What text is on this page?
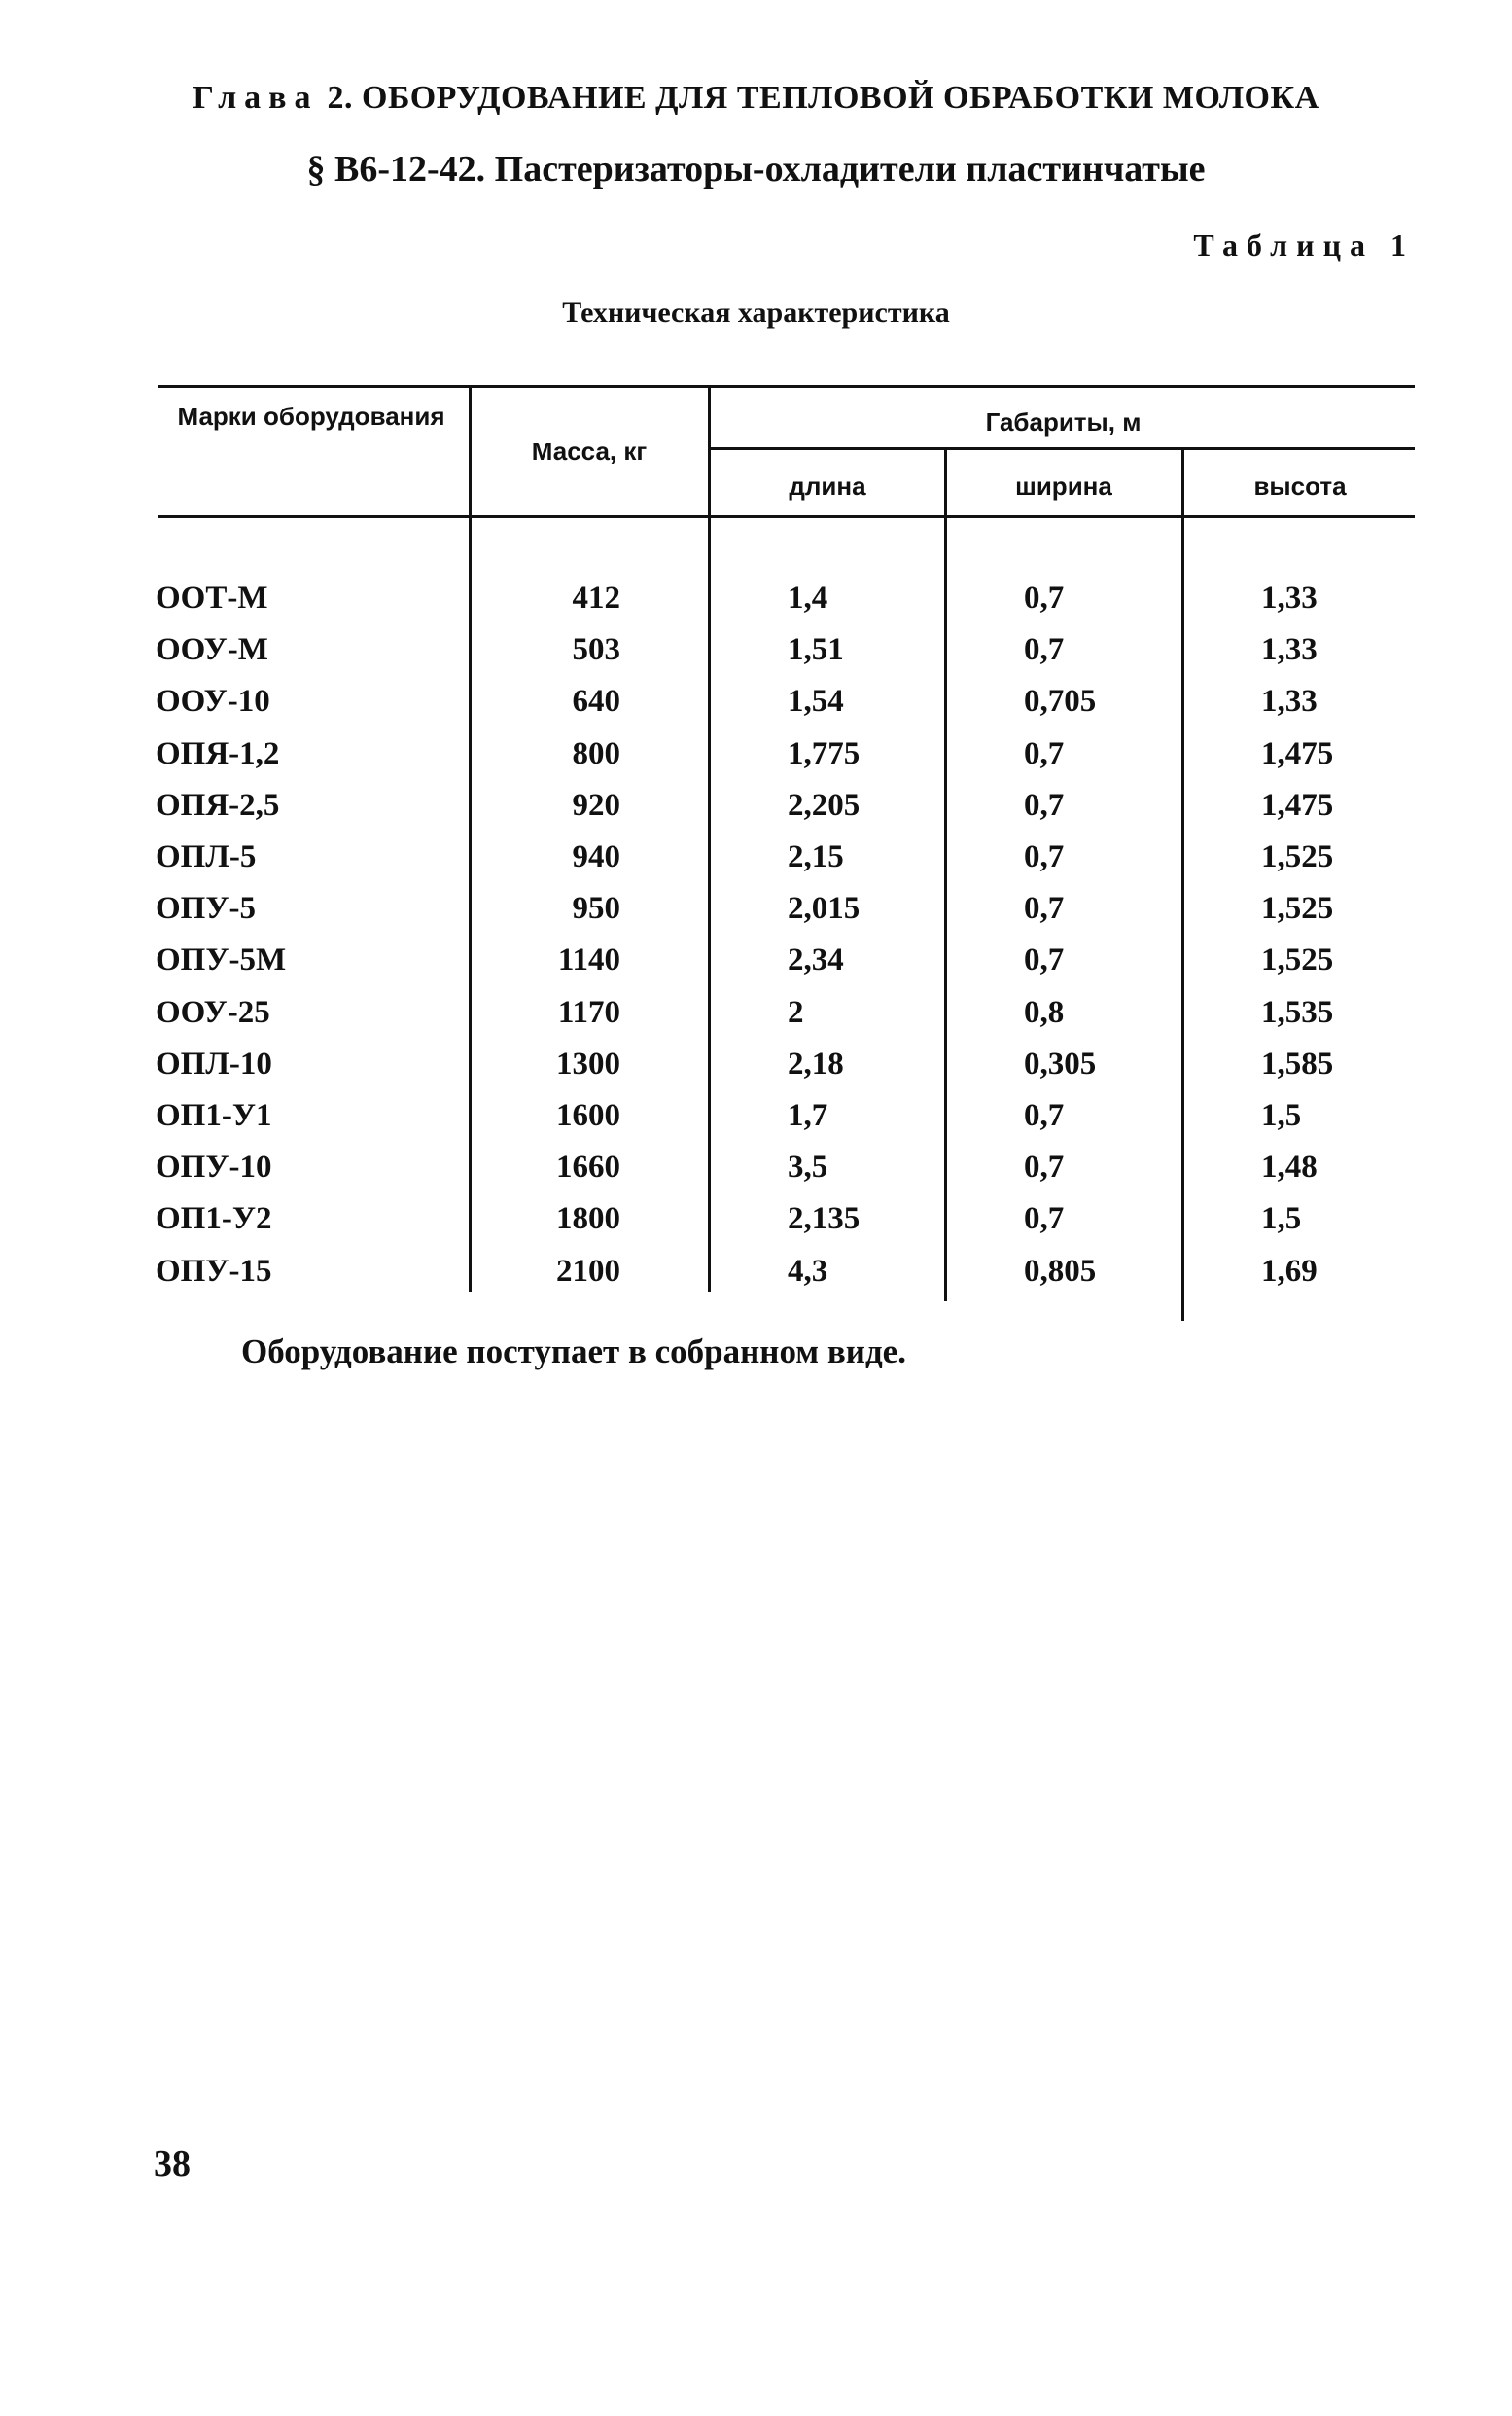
Глава 2. ОБОРУДОВАНИЕ ДЛЯ ТЕПЛОВОЙ ОБРАБОТКИ МОЛОКА
§ В6-12-42. Пастеризаторы-охладители пластинчатые
Таблица 1
Техническая характеристика
Марки оборудования
Масса, кг
Габариты, м
длина	ширина	высота
ООТ-М	412	1,4	0,7	1,33
ООУ-М	503	1,51	0,7	1,33
ООУ-10	640	1,54	0,705	1,33
ОПЯ-1,2	800	1,775	0,7	1,475
ОПЯ-2,5	920	2,205	0,7	1,475
ОПЛ-5	940	2,15	0,7	1,525
ОПУ-5	950	2,015	0,7	1,525
ОПУ-5М	1140	2,34	0,7	1,525
ООУ-25	1170	2	0,8	1,535
ОПЛ-10	1300	2,18	0,305	1,585
ОП1-У1	1600	1,7	0,7	1,5
ОПУ-10	1660	3,5	0,7	1,48
ОП1-У2	1800	2,135	0,7	1,5
ОПУ-15	2100	4,3	0,805	1,69
Оборудование поступает в собранном виде.
38
